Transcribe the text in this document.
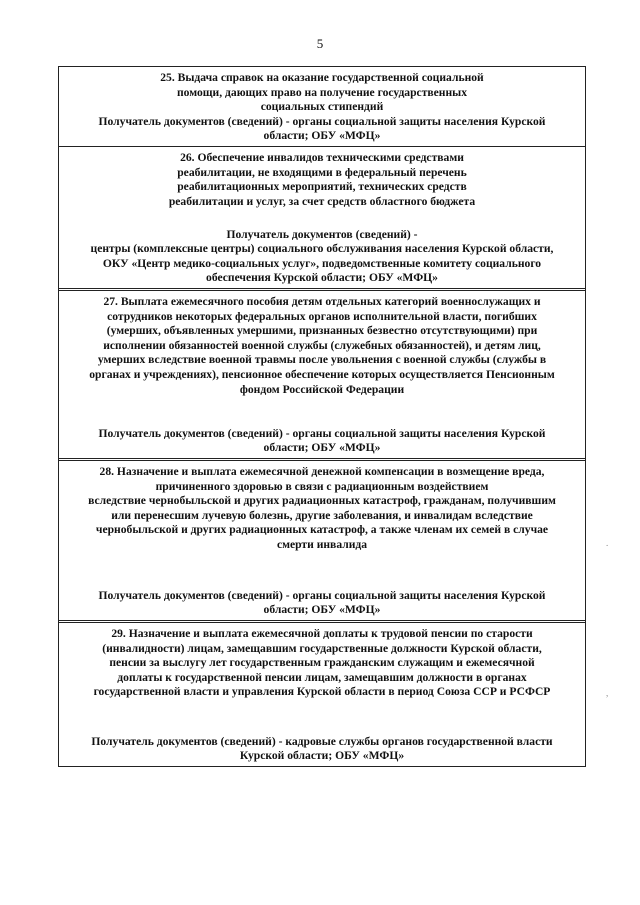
5
25. Выдача справок на оказание государственной социальной
помощи, дающих право на получение государственных
социальных стипендий
Получатель документов (сведений) - органы социальной защиты населения Курской
области; ОБУ «МФЦ»
26. Обеспечение инвалидов техническими средствами
реабилитации, не входящими в федеральный перечень
реабилитационных мероприятий, технических средств
реабилитации и услуг, за счет средств областного бюджета
Получатель документов (сведений) -
центры (комплексные центры) социального обслуживания населения Курской области,
ОКУ «Центр медико-социальных услуг», подведомственные комитету социального
обеспечения Курской области; ОБУ «МФЦ»
27. Выплата ежемесячного пособия детям отдельных категорий военнослужащих и
сотрудников некоторых федеральных органов исполнительной власти, погибших
(умерших, объявленных умершими, признанных безвестно отсутствующими) при
исполнении обязанностей военной службы (служебных обязанностей), и детям лиц,
умерших вследствие военной травмы после увольнения с военной службы (службы в
органах и учреждениях), пенсионное обеспечение которых осуществляется Пенсионным
фондом Российской Федерации
Получатель документов (сведений) - органы социальной защиты населения Курской
области; ОБУ «МФЦ»
28. Назначение и выплата ежемесячной денежной компенсации в возмещение вреда,
причиненного здоровью в связи с радиационным воздействием
вследствие чернобыльской и других радиационных катастроф, гражданам, получившим
или перенесшим лучевую болезнь, другие заболевания, и инвалидам вследствие
чернобыльской и других радиационных катастроф, а также членам их семей в случае
смерти инвалида
Получатель документов (сведений) - органы социальной защиты населения Курской
области; ОБУ «МФЦ»
29. Назначение и выплата ежемесячной доплаты к трудовой пенсии по старости
(инвалидности) лицам, замещавшим государственные должности Курской области,
пенсии за выслугу лет государственным гражданским служащим и ежемесячной
доплаты к государственной пенсии лицам, замещавшим должности в органах
государственной власти и управления Курской области в период Союза ССР и РСФСР
Получатель документов (сведений) - кадровые службы органов государственной власти
Курской области; ОБУ «МФЦ»
.
,
